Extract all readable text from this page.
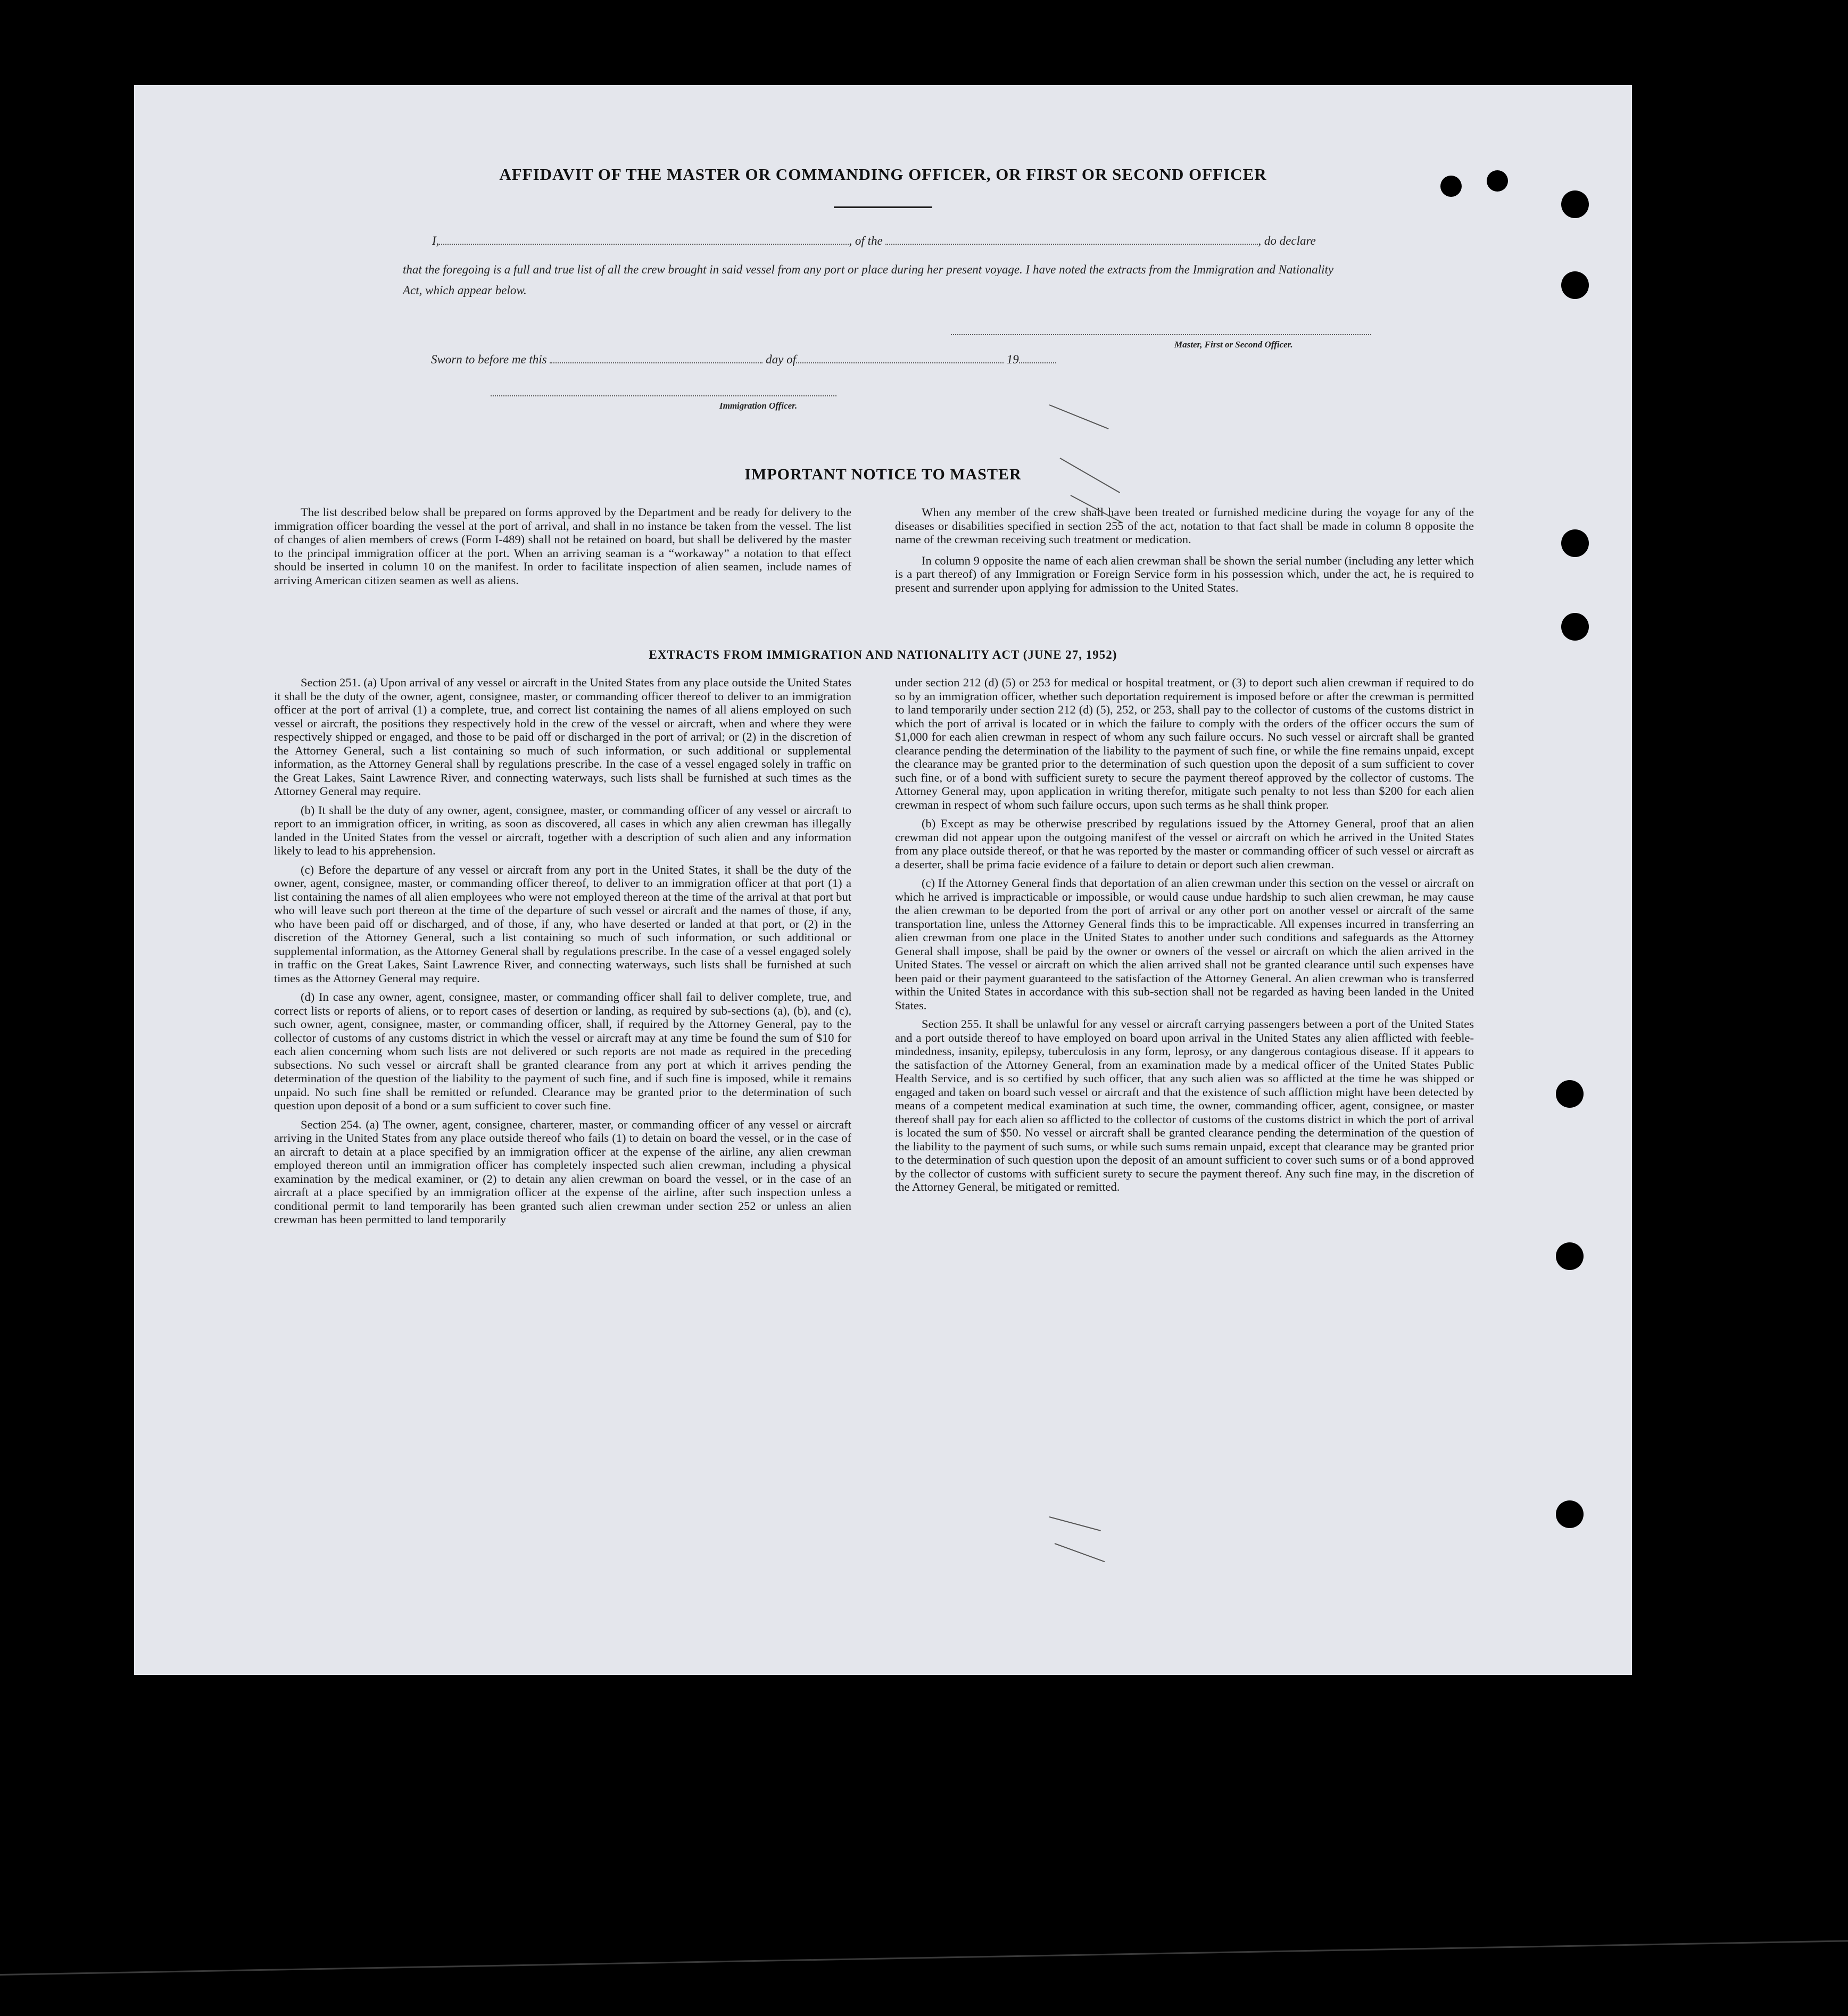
AFFIDAVIT OF THE MASTER OR COMMANDING OFFICER, OR FIRST OR SECOND OFFICER
I,	, of the	, do declare
that the foregoing is a full and true list of all the crew brought in said vessel from any port or place during her present voyage. I have noted the extracts from the Immigration and Nationality Act, which appear below.
Master, First or Second Officer.
Sworn to before me this	day of	19
Immigration Officer.
IMPORTANT NOTICE TO MASTER

The list described below shall be prepared on forms approved by the Department and be ready for delivery to the immigration officer boarding the vessel at the port of arrival, and shall in no instance be taken from the vessel. The list of changes of alien members of crews (Form I-489) shall not be retained on board, but shall be delivered by the master to the principal immigration officer at the port. When an arriving seaman is a “workaway” a notation to that effect should be inserted in column 10 on the manifest. In order to facilitate inspection of alien seamen, include names of arriving American citizen seamen as well as aliens.

When any member of the crew shall have been treated or furnished medicine during the voyage for any of the diseases or disabilities specified in section 255 of the act, notation to that fact shall be made in column 8 opposite the name of the crewman receiving such treatment or medication.

In column 9 opposite the name of each alien crewman shall be shown the serial number (including any letter which is a part thereof) of any Immigration or Foreign Service form in his possession which, under the act, he is required to present and surrender upon applying for admission to the United States.

EXTRACTS FROM IMMIGRATION AND NATIONALITY ACT (JUNE 27, 1952)

Section 251. (a) Upon arrival of any vessel or aircraft in the United States from any place outside the United States it shall be the duty of the owner, agent, consignee, master, or commanding officer thereof to deliver to an immigration officer at the port of arrival (1) a complete, true, and correct list containing the names of all aliens employed on such vessel or aircraft, the positions they respectively hold in the crew of the vessel or aircraft, when and where they were respectively shipped or engaged, and those to be paid off or discharged in the port of arrival; or (2) in the discretion of the Attorney General, such a list containing so much of such information, or such additional or supplemental information, as the Attorney General shall by regulations prescribe. In the case of a vessel engaged solely in traffic on the Great Lakes, Saint Lawrence River, and connecting waterways, such lists shall be furnished at such times as the Attorney General may require.

(b) It shall be the duty of any owner, agent, consignee, master, or commanding officer of any vessel or aircraft to report to an immigration officer, in writing, as soon as discovered, all cases in which any alien crewman has illegally landed in the United States from the vessel or aircraft, together with a description of such alien and any information likely to lead to his apprehension.

(c) Before the departure of any vessel or aircraft from any port in the United States, it shall be the duty of the owner, agent, consignee, master, or commanding officer thereof, to deliver to an immigration officer at that port (1) a list containing the names of all alien employees who were not employed thereon at the time of the arrival at that port but who will leave such port thereon at the time of the departure of such vessel or aircraft and the names of those, if any, who have been paid off or discharged, and of those, if any, who have deserted or landed at that port, or (2) in the discretion of the Attorney General, such a list containing so much of such information, or such additional or supplemental information, as the Attorney General shall by regulations prescribe. In the case of a vessel engaged solely in traffic on the Great Lakes, Saint Lawrence River, and connecting waterways, such lists shall be furnished at such times as the Attorney General may require.

(d) In case any owner, agent, consignee, master, or commanding officer shall fail to deliver complete, true, and correct lists or reports of aliens, or to report cases of desertion or landing, as required by sub-sections (a), (b), and (c), such owner, agent, consignee, master, or commanding officer, shall, if required by the Attorney General, pay to the collector of customs of any customs district in which the vessel or aircraft may at any time be found the sum of $10 for each alien concerning whom such lists are not delivered or such reports are not made as required in the preceding subsections. No such vessel or aircraft shall be granted clearance from any port at which it arrives pending the determination of the question of the liability to the payment of such fine, and if such fine is imposed, while it remains unpaid. No such fine shall be remitted or refunded. Clearance may be granted prior to the determination of such question upon deposit of a bond or a sum sufficient to cover such fine.

Section 254. (a) The owner, agent, consignee, charterer, master, or commanding officer of any vessel or aircraft arriving in the United States from any place outside thereof who fails (1) to detain on board the vessel, or in the case of an aircraft to detain at a place specified by an immigration officer at the expense of the airline, any alien crewman employed thereon until an immigration officer has completely inspected such alien crewman, including a physical examination by the medical examiner, or (2) to detain any alien crewman on board the vessel, or in the case of an aircraft at a place specified by an immigration officer at the expense of the airline, after such inspection unless a conditional permit to land temporarily has been granted such alien crewman under section 252 or unless an alien crewman has been permitted to land temporarily

under section 212 (d) (5) or 253 for medical or hospital treatment, or (3) to deport such alien crewman if required to do so by an immigration officer, whether such deportation requirement is imposed before or after the crewman is permitted to land temporarily under section 212 (d) (5), 252, or 253, shall pay to the collector of customs of the customs district in which the port of arrival is located or in which the failure to comply with the orders of the officer occurs the sum of $1,000 for each alien crewman in respect of whom any such failure occurs. No such vessel or aircraft shall be granted clearance pending the determination of the liability to the payment of such fine, or while the fine remains unpaid, except the clearance may be granted prior to the determination of such question upon the deposit of a sum sufficient to cover such fine, or of a bond with sufficient surety to secure the payment thereof approved by the collector of customs. The Attorney General may, upon application in writing therefor, mitigate such penalty to not less than $200 for each alien crewman in respect of whom such failure occurs, upon such terms as he shall think proper.

(b) Except as may be otherwise prescribed by regulations issued by the Attorney General, proof that an alien crewman did not appear upon the outgoing manifest of the vessel or aircraft on which he arrived in the United States from any place outside thereof, or that he was reported by the master or commanding officer of such vessel or aircraft as a deserter, shall be prima facie evidence of a failure to detain or deport such alien crewman.

(c) If the Attorney General finds that deportation of an alien crewman under this section on the vessel or aircraft on which he arrived is impracticable or impossible, or would cause undue hardship to such alien crewman, he may cause the alien crewman to be deported from the port of arrival or any other port on another vessel or aircraft of the same transportation line, unless the Attorney General finds this to be impracticable. All expenses incurred in transferring an alien crewman from one place in the United States to another under such conditions and safeguards as the Attorney General shall impose, shall be paid by the owner or owners of the vessel or aircraft on which the alien arrived in the United States. The vessel or aircraft on which the alien arrived shall not be granted clearance until such expenses have been paid or their payment guaranteed to the satisfaction of the Attorney General. An alien crewman who is transferred within the United States in accordance with this sub-section shall not be regarded as having been landed in the United States.

Section 255. It shall be unlawful for any vessel or aircraft carrying passengers between a port of the United States and a port outside thereof to have employed on board upon arrival in the United States any alien afflicted with feeble-mindedness, insanity, epilepsy, tuberculosis in any form, leprosy, or any dangerous contagious disease. If it appears to the satisfaction of the Attorney General, from an examination made by a medical officer of the United States Public Health Service, and is so certified by such officer, that any such alien was so afflicted at the time he was shipped or engaged and taken on board such vessel or aircraft and that the existence of such affliction might have been detected by means of a competent medical examination at such time, the owner, commanding officer, agent, consignee, or master thereof shall pay for each alien so afflicted to the collector of customs of the customs district in which the port of arrival is located the sum of $50. No vessel or aircraft shall be granted clearance pending the determination of the question of the liability to the payment of such sums, or while such sums remain unpaid, except that clearance may be granted prior to the determination of such question upon the deposit of an amount sufficient to cover such sums or of a bond approved by the collector of customs with sufficient surety to secure the payment thereof. Any such fine may, in the discretion of the Attorney General, be mitigated or remitted.
